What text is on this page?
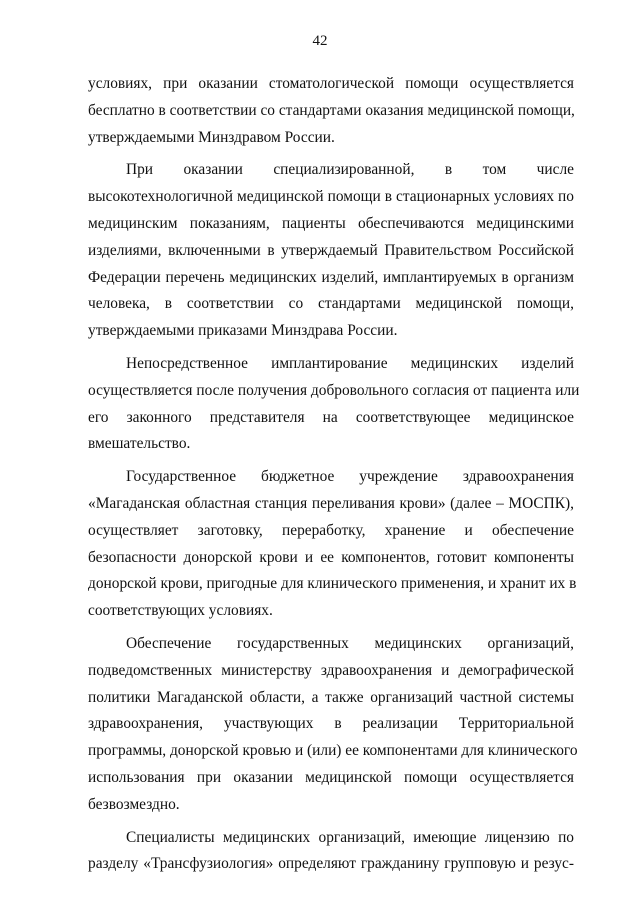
42
условиях, при оказании стоматологической помощи осуществляется
бесплатно в соответствии со стандартами оказания медицинской помощи,
утверждаемыми Минздравом России.
При оказании специализированной, в том числе
высокотехнологичной медицинской помощи в стационарных условиях по
медицинским показаниям, пациенты обеспечиваются медицинскими
изделиями, включенными в утверждаемый Правительством Российской
Федерации перечень медицинских изделий, имплантируемых в организм
человека, в соответствии со стандартами медицинской помощи,
утверждаемыми приказами Минздрава России.
Непосредственное имплантирование медицинских изделий
осуществляется после получения добровольного согласия от пациента или
его законного представителя на соответствующее медицинское
вмешательство.
Государственное бюджетное учреждение здравоохранения
«Магаданская областная станция переливания крови» (далее – МОСПК),
осуществляет заготовку, переработку, хранение и обеспечение
безопасности донорской крови и ее компонентов, готовит компоненты
донорской крови, пригодные для клинического применения, и хранит их в
соответствующих условиях.
Обеспечение государственных медицинских организаций,
подведомственных министерству здравоохранения и демографической
политики Магаданской области, а также организаций частной системы
здравоохранения, участвующих в реализации Территориальной
программы, донорской кровью и (или) ее компонентами для клинического
использования при оказании медицинской помощи осуществляется
безвозмездно.
Специалисты медицинских организаций, имеющие лицензию по
разделу «Трансфузиология» определяют гражданину групповую и резус-
